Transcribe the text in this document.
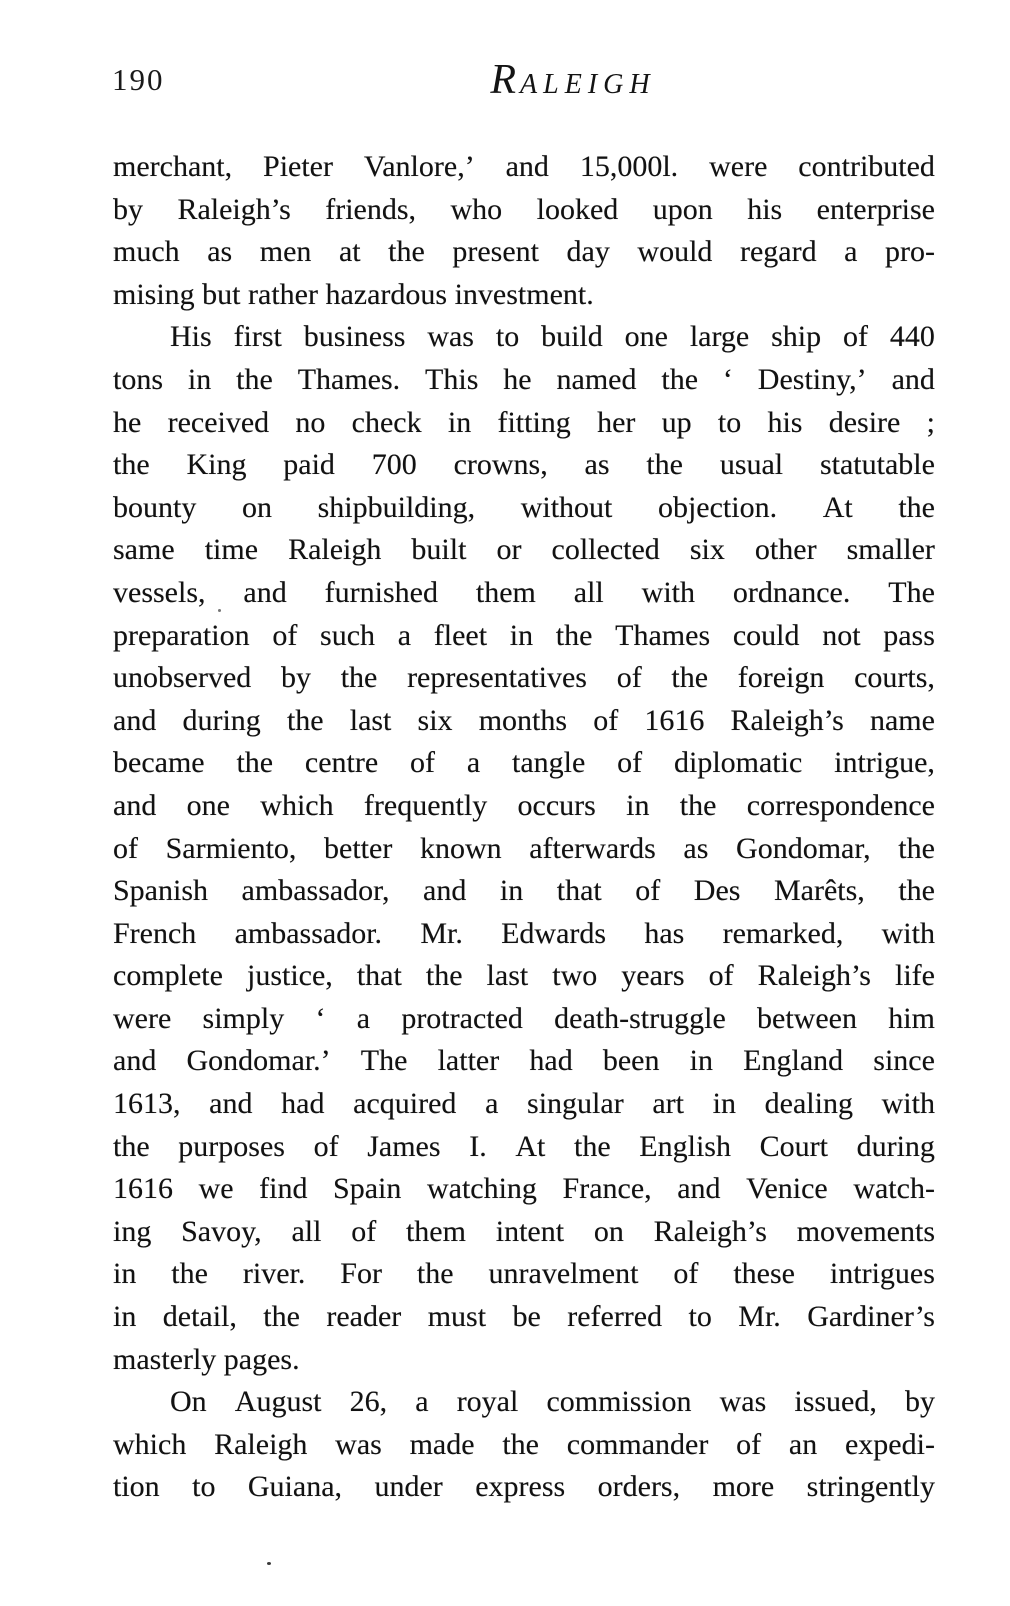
190	RALEIGH
merchant, Pieter Vanlore,’ and 15,000l. were contributed
by Raleigh’s friends, who looked upon his enterprise
much as men at the present day would regard a pro-
mising but rather hazardous investment.
His first business was to build one large ship of 440
tons in the Thames. This he named the ‘ Destiny,’ and
he received no check in fitting her up to his desire ;
the King paid 700 crowns, as the usual statutable
bounty on shipbuilding, without objection. At the
same time Raleigh built or collected six other smaller
vessels, and furnished them all with ordnance. The
preparation of such a fleet in the Thames could not pass
unobserved by the representatives of the foreign courts,
and during the last six months of 1616 Raleigh’s name
became the centre of a tangle of diplomatic intrigue,
and one which frequently occurs in the correspondence
of Sarmiento, better known afterwards as Gondomar, the
Spanish ambassador, and in that of Des Marêts, the
French ambassador. Mr. Edwards has remarked, with
complete justice, that the last two years of Raleigh’s life
were simply ‘ a protracted death-struggle between him
and Gondomar.’ The latter had been in England since
1613, and had acquired a singular art in dealing with
the purposes of James I. At the English Court during
1616 we find Spain watching France, and Venice watch-
ing Savoy, all of them intent on Raleigh’s movements
in the river. For the unravelment of these intrigues
in detail, the reader must be referred to Mr. Gardiner’s
masterly pages.
On August 26, a royal commission was issued, by
which Raleigh was made the commander of an expedi-
tion to Guiana, under express orders, more stringently
